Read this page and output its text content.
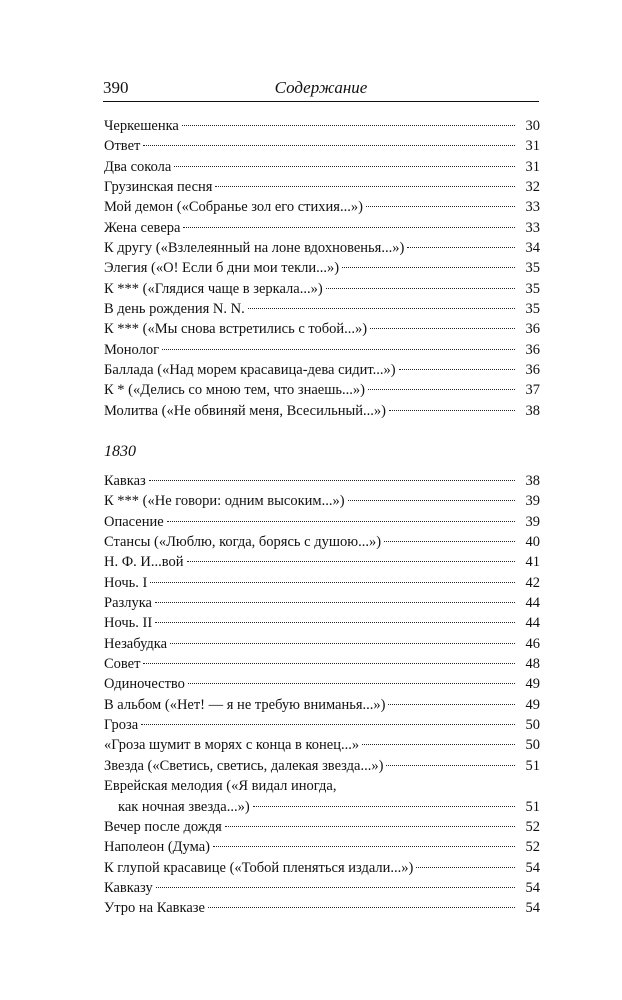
390	Содержание
Черкешенка	30
Ответ	31
Два сокола	31
Грузинская песня	32
Мой демон («Собранье зол его стихия...»)	33
Жена севера	33
К другу («Взлелеянный на лоне вдохновенья...»)	34
Элегия («О! Если б дни мои текли...»)	35
К *** («Глядися чаще в зеркала...»)	35
В день рождения N. N.	35
К *** («Мы снова встретились с тобой...»)	36
Монолог	36
Баллада («Над морем красавица-дева сидит...»)	36
К * («Делись со мною тем, что знаешь...»)	37
Молитва («Не обвиняй меня, Всесильный...»)	38
1830
Кавказ	38
К *** («Не говори: одним высоким...»)	39
Опасение	39
Стансы («Люблю, когда, борясь с душою...»)	40
Н. Ф. И...вой	41
Ночь. I	42
Разлука	44
Ночь. II	44
Незабудка	46
Совет	48
Одиночество	49
В альбом («Нет! — я не требую вниманья...»)	49
Гроза	50
«Гроза шумит в морях с конца в конец...»	50
Звезда («Светись, светись, далекая звезда...»)	51
Еврейская мелодия («Я видал иногда,
как ночная звезда...»)	51
Вечер после дождя	52
Наполеон (Дума)	52
К глупой красавице («Тобой пленяться издали...»)	54
Кавказу	54
Утро на Кавказе	54
